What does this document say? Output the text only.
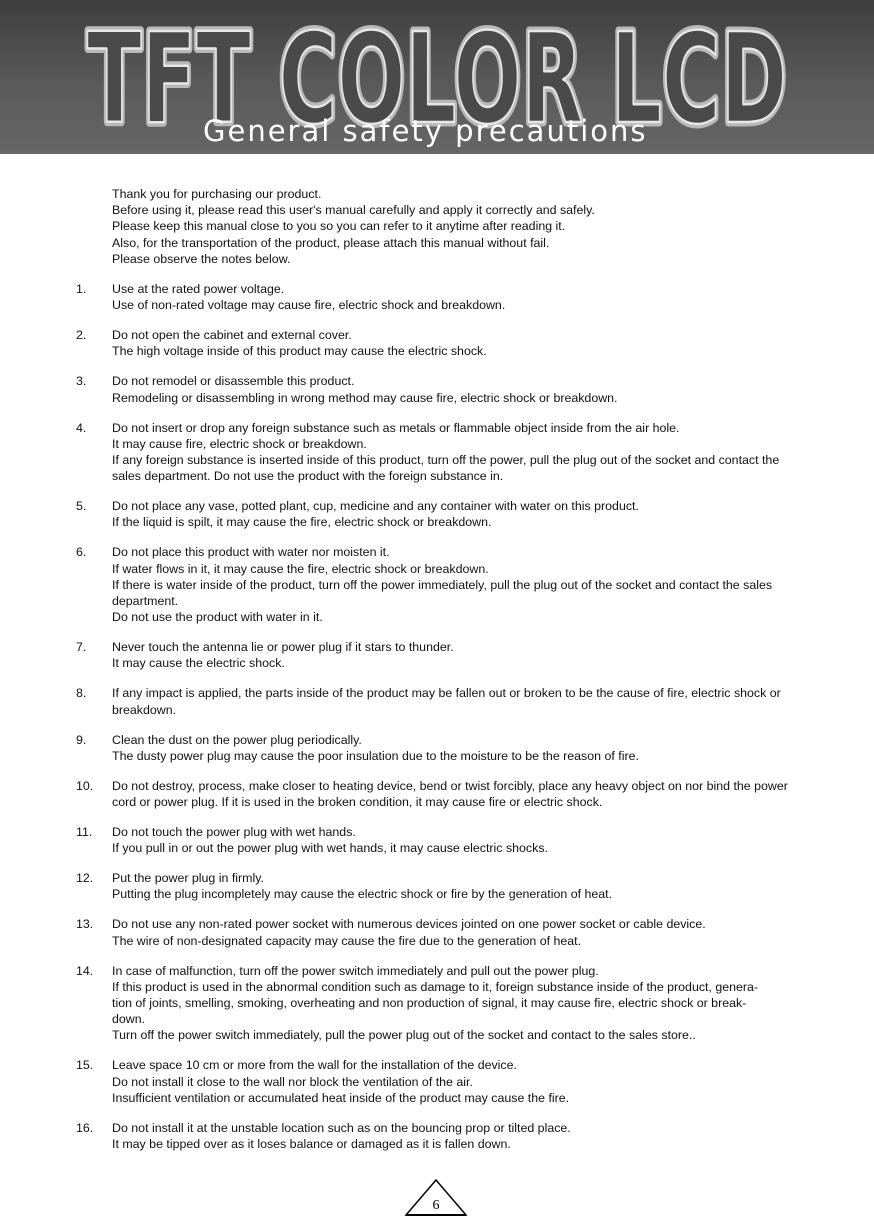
TFT COLOR LCD
TFT COLOR LCD
General safety precautions
Thank you for purchasing our product.
Before using it, please read this user's manual carefully and apply it correctly and safely.
Please keep this manual close to you so you can refer to it anytime after reading it.
Also, for the transportation of the product, please attach this manual without fail.
Please observe the notes below.
1. Use at the rated power voltage.
Use of non-rated voltage may cause fire, electric shock and breakdown.
2. Do not open the cabinet and external cover.
The high voltage inside of this product may cause the electric shock.
3. Do not remodel or disassemble this product.
Remodeling or disassembling in wrong method may cause fire, electric shock or breakdown.
4. Do not insert or drop any foreign substance such as metals or flammable object inside from the air hole.
It may cause fire, electric shock or breakdown.
If any foreign substance is inserted inside of this product, turn off the power, pull the plug out of the socket and contact the sales department. Do not use the product with the foreign substance in.
5. Do not place any vase, potted plant, cup, medicine and any container with water on this product.
If the liquid is spilt, it may cause the fire, electric shock or breakdown.
6. Do not place this product with water nor moisten it.
If water flows in it, it may cause the fire, electric shock or breakdown.
If there is water inside of the product, turn off the power immediately, pull the plug out of the socket and contact the sales department.
Do not use the product with water in it.
7. Never touch the antenna lie or power plug if it stars to thunder.
It may cause the electric shock.
8. If any impact is applied, the parts inside of the product may be fallen out or broken to be the cause of fire, electric shock or breakdown.
9. Clean the dust on the power plug periodically.
The dusty power plug may cause the poor insulation due to the moisture to be the reason of fire.
10. Do not destroy, process, make closer to heating device, bend or twist forcibly, place any heavy object on nor bind the power cord or power plug. If it is used in the broken condition, it may cause fire or electric shock.
11. Do not touch the power plug with wet hands.
If you pull in or out the power plug with wet hands, it may cause electric shocks.
12. Put the power plug in firmly.
Putting the plug incompletely may cause the electric shock or fire by the generation of heat.
13. Do not use any non-rated power socket with numerous devices jointed on one power socket or cable device.
The wire of non-designated capacity may cause the fire due to the generation of heat.
14. In case of malfunction, turn off the power switch immediately and pull out the power plug.
If this product is used in the abnormal condition such as damage to it, foreign substance inside of the product, genera-
tion of joints, smelling, smoking, overheating and non production of signal, it may cause fire, electric shock or break-
down.
Turn off the power switch immediately, pull the power plug out of the socket and contact to the sales store..
15. Leave space 10 cm or more from the wall for the installation of the device.
Do not install it close to the wall nor block the ventilation of the air.
Insufficient ventilation or accumulated heat inside of the product may cause the fire.
16. Do not install it at the unstable location such as on the bouncing prop or tilted place.
It may be tipped over as it loses balance or damaged as it is fallen down.
6
